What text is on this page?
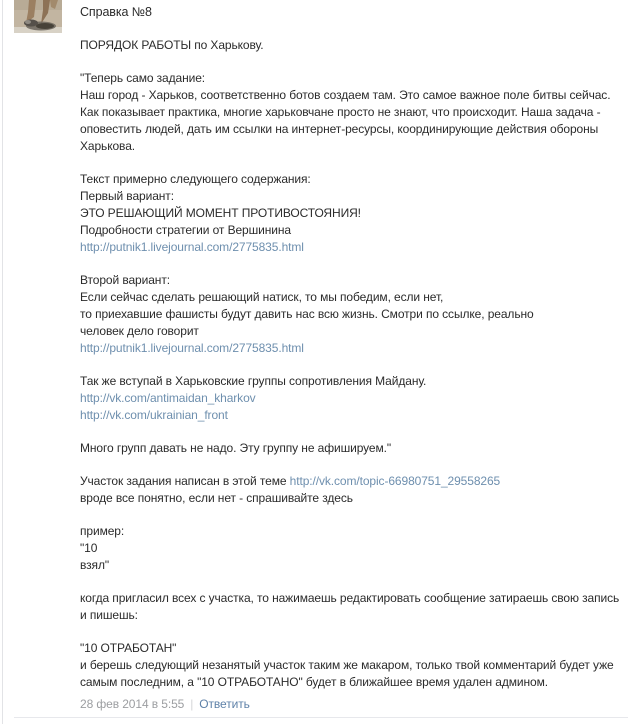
Справка №8
ПОРЯДОК РАБОТЫ по Харькову.
"Теперь само задание:
Наш город - Харьков, соответственно ботов создаем там. Это самое важное поле битвы сейчас.
Как показывает практика, многие харьковчане просто не знают, что происходит. Наша задача -
оповестить людей, дать им ссылки на интернет-ресурсы, координирующие действия обороны
Харькова.
Текст примерно следующего содержания:
Первый вариант:
ЭТО РЕШАЮЩИЙ МОМЕНТ ПРОТИВОСТОЯНИЯ!
Подробности стратегии от Вершинина
http://putnik1.livejournal.com/2775835.html
Второй вариант:
Если сейчас сделать решающий натиск, то мы победим, если нет,
то приехавшие фашисты будут давить нас всю жизнь. Смотри по ссылке, реально
человек дело говорит
http://putnik1.livejournal.com/2775835.html
Так же вступай в Харьковские группы сопротивления Майдану.
http://vk.com/antimaidan_kharkov
http://vk.com/ukrainian_front
Много групп давать не надо. Эту группу не афишируем."
Участок задания написан в этой теме http://vk.com/topic-66980751_29558265
вроде все понятно, если нет - спрашивайте здесь
пример:
"10
взял"
когда пригласил всех с участка, то нажимаешь редактировать сообщение затираешь свою запись
и пишешь:
"10 ОТРАБОТАН"
и берешь следующий незанятый участок таким же макаром, только твой комментарий будет уже
самым последним, а "10 ОТРАБОТАНО" будет в ближайшее время удален админом.
28 фев 2014 в 5:55 | Ответить
